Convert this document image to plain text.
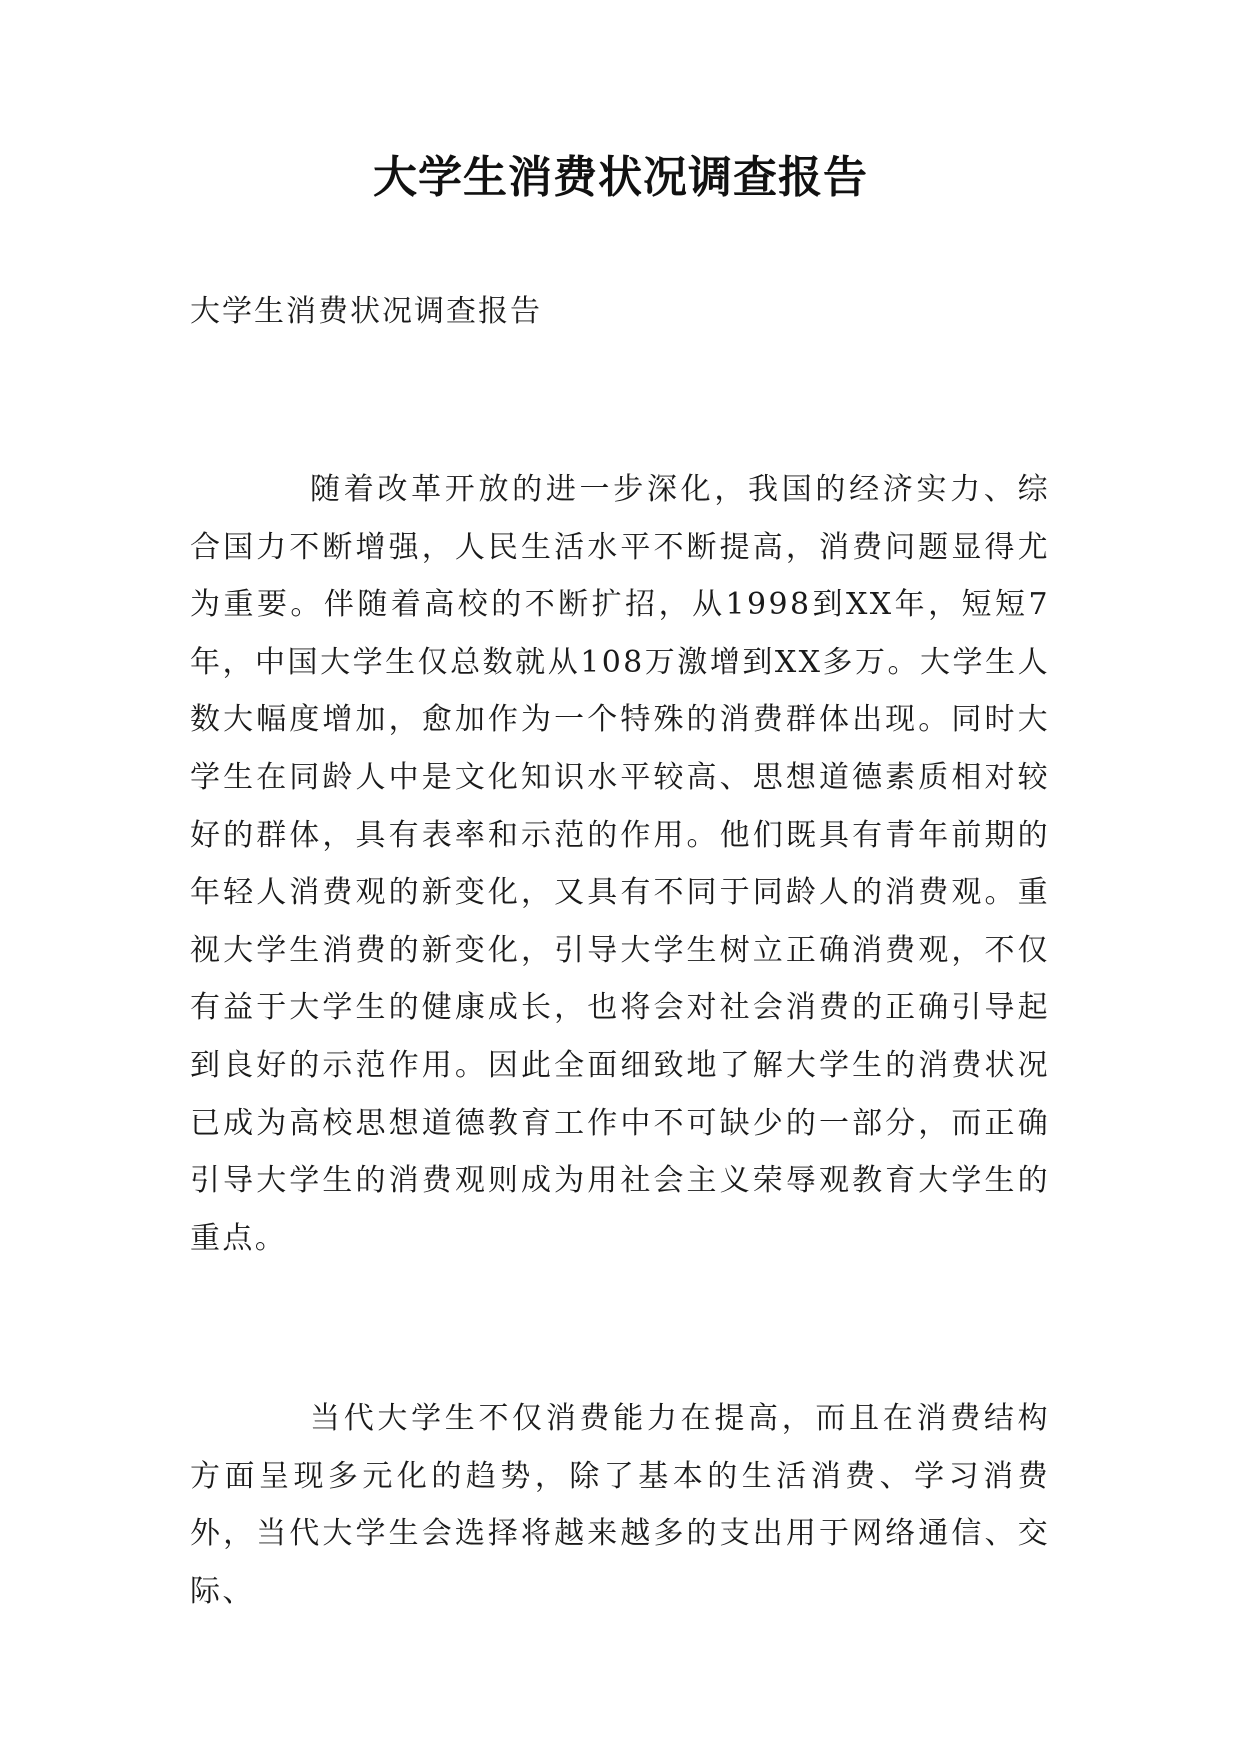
大学生消费状况调查报告

大学生消费状况调查报告

随着改革开放的进一步深化，我国的经济实力、综合国力不断增强，人民生活水平不断提高，消费问题显得尤为重要。伴随着高校的不断扩招，从1998到XX年，短短7年，中国大学生仅总数就从108万激增到XX多万。大学生人数大幅度增加，愈加作为一个特殊的消费群体出现。同时大学生在同龄人中是文化知识水平较高、思想道德素质相对较好的群体，具有表率和示范的作用。他们既具有青年前期的年轻人消费观的新变化，又具有不同于同龄人的消费观。重视大学生消费的新变化，引导大学生树立正确消费观，不仅有益于大学生的健康成长，也将会对社会消费的正确引导起到良好的示范作用。因此全面细致地了解大学生的消费状况已成为高校思想道德教育工作中不可缺少的一部分，而正确引导大学生的消费观则成为用社会主义荣辱观教育大学生的重点。

当代大学生不仅消费能力在提高，而且在消费结构方面呈现多元化的趋势，除了基本的生活消费、学习消费外，当代大学生会选择将越来越多的支出用于网络通信、交际、
